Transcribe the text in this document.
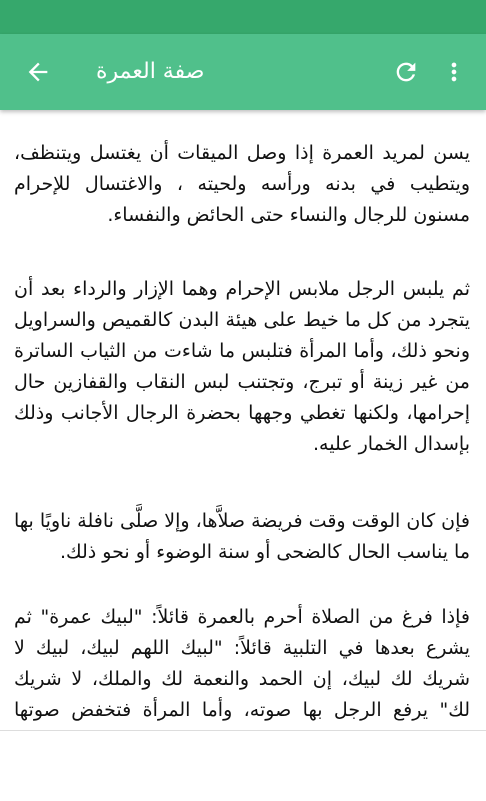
صفة العمرة

يسن لمريد العمرة إذا وصل الميقات أن يغتسل ويتنظف، ويتطيب في بدنه ورأسه ولحيته ، والاغتسال للإحرام مسنون للرجال والنساء حتى الحائض والنفساء.

ثم يلبس الرجل ملابس الإحرام وهما الإزار والرداء بعد أن يتجرد من كل ما خيط على هيئة البدن كالقميص والسراويل ونحو ذلك، وأما المرأة فتلبس ما شاءت من الثياب الساترة من غير زينة أو تبرج، وتجتنب لبس النقاب والقفازين حال إحرامها، ولكنها تغطي وجهها بحضرة الرجال الأجانب وذلك بإسدال الخمار عليه.

فإن كان الوقت وقت فريضة صلاَّها، وإلا صلَّى نافلة ناويًا بها ما يناسب الحال كالضحى أو سنة الوضوء أو نحو ذلك.

فإذا فرغ من الصلاة أحرم بالعمرة قائلاً: "لبيك عمرة" ثم يشرع بعدها في التلبية قائلاً: "لبيك اللهم لبيك، لبيك لا شريك لك لبيك، إن الحمد والنعمة لك والملك، لا شريك لك" يرفع الرجل بها صوته، وأما المرأة فتخفض صوتها
